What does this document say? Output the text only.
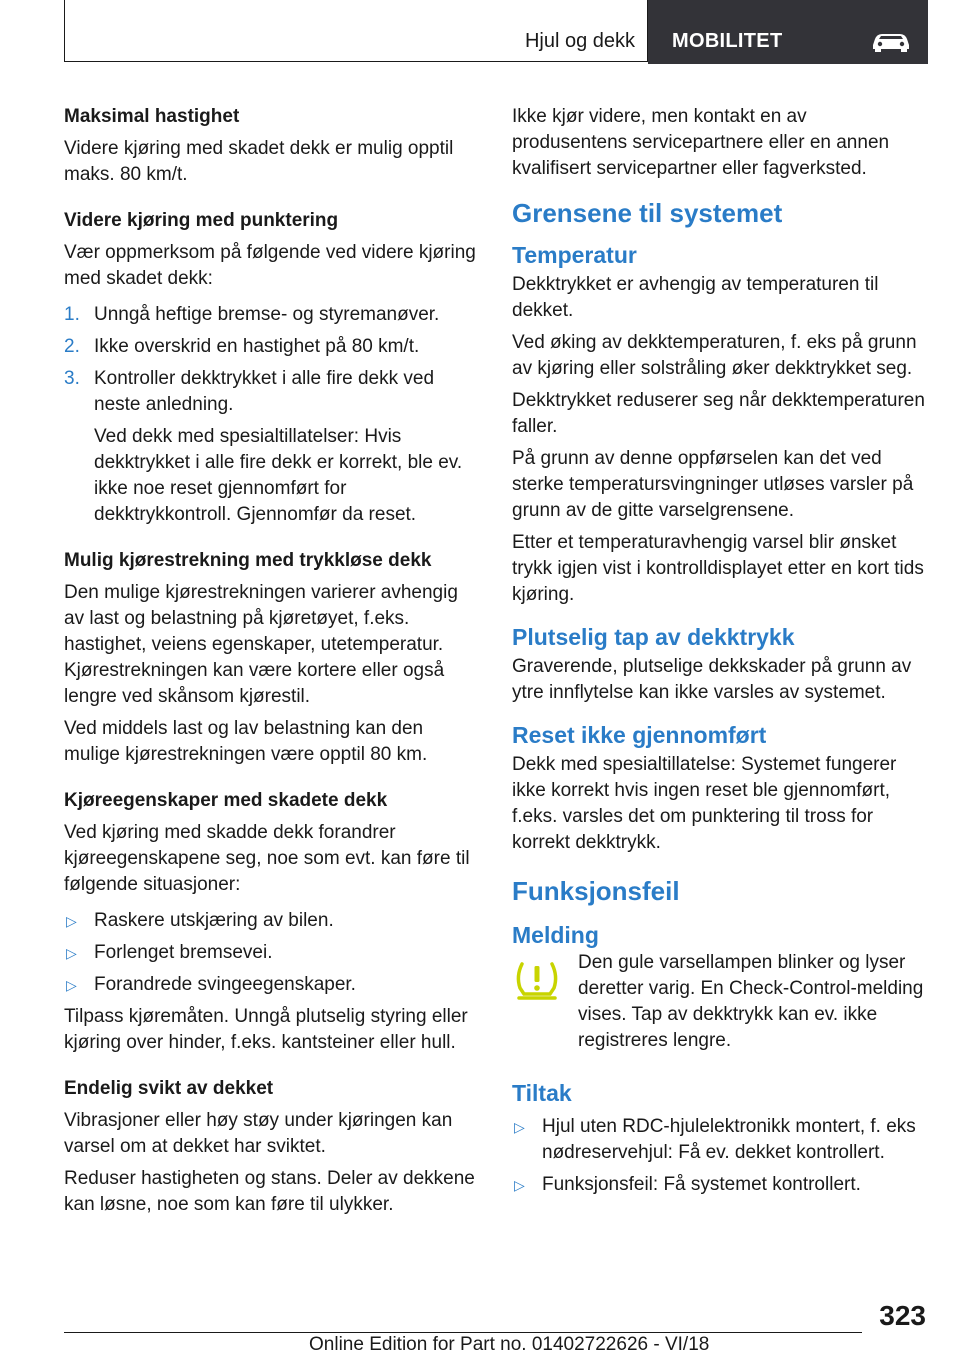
Hjul og dekk MOBILITET

Maksimal hastighet

Videre kjøring med skadet dekk er mulig opptil maks. 80 km/t.

Videre kjøring med punktering

Vær oppmerksom på følgende ved videre kjøring med skadet dekk:

1. Unngå heftige bremse- og styremanøver.
2. Ikke overskrid en hastighet på 80 km/t.
3. Kontroller dekktrykket i alle fire dekk ved neste anledning.
Ved dekk med spesialtillatelser: Hvis dekktrykket i alle fire dekk er korrekt, ble ev. ikke noe reset gjennomført for dekktrykkontroll. Gjennomfør da reset.

Mulig kjørestrekning med trykkløse dekk

Den mulige kjørestrekningen varierer avhengig av last og belastning på kjøretøyet, f.eks. hastighet, veiens egenskaper, utetemperatur. Kjørestrekningen kan være kortere eller også lengre ved skånsom kjørestil.

Ved middels last og lav belastning kan den mulige kjørestrekningen være opptil 80 km.

Kjøreegenskaper med skadete dekk

Ved kjøring med skadde dekk forandrer kjøreegenskapene seg, noe som evt. kan føre til følgende situasjoner:

▷ Raskere utskjæring av bilen.
▷ Forlenget bremsevei.
▷ Forandrede svingeegenskaper.

Tilpass kjøremåten. Unngå plutselig styring eller kjøring over hinder, f.eks. kantsteiner eller hull.

Endelig svikt av dekket

Vibrasjoner eller høy støy under kjøringen kan varsel om at dekket har sviktet.

Reduser hastigheten og stans. Deler av dekkene kan løsne, noe som kan føre til ulykker.

Ikke kjør videre, men kontakt en av produsentens servicepartnere eller en annen kvalifisert servicepartner eller fagverksted.

Grensene til systemet

Temperatur

Dekktrykket er avhengig av temperaturen til dekket.

Ved øking av dekktemperaturen, f. eks på grunn av kjøring eller solstråling øker dekktrykket seg.

Dekktrykket reduserer seg når dekktemperaturen faller.

På grunn av denne oppførselen kan det ved sterke temperatursvingninger utløses varsler på grunn av de gitte varselgrensene.

Etter et temperaturavhengig varsel blir ønsket trykk igjen vist i kontrolldisplayet etter en kort tids kjøring.

Plutselig tap av dekktrykk

Graverende, plutselige dekkskader på grunn av ytre innflytelse kan ikke varsles av systemet.

Reset ikke gjennomført

Dekk med spesialtillatelse: Systemet fungerer ikke korrekt hvis ingen reset ble gjennomført, f.eks. varsles det om punktering til tross for korrekt dekktrykk.

Funksjonsfeil

Melding

Den gule varsellampen blinker og lyser deretter varig. En Check-Control-melding vises. Tap av dekktrykk kan ev. ikke registreres lengre.

Tiltak

▷ Hjul uten RDC-hjulelektronikk montert, f. eks nødreservehjul: Få ev. dekket kontrollert.
▷ Funksjonsfeil: Få systemet kontrollert.
323
Online Edition for Part no. 01402722626 - VI/18
